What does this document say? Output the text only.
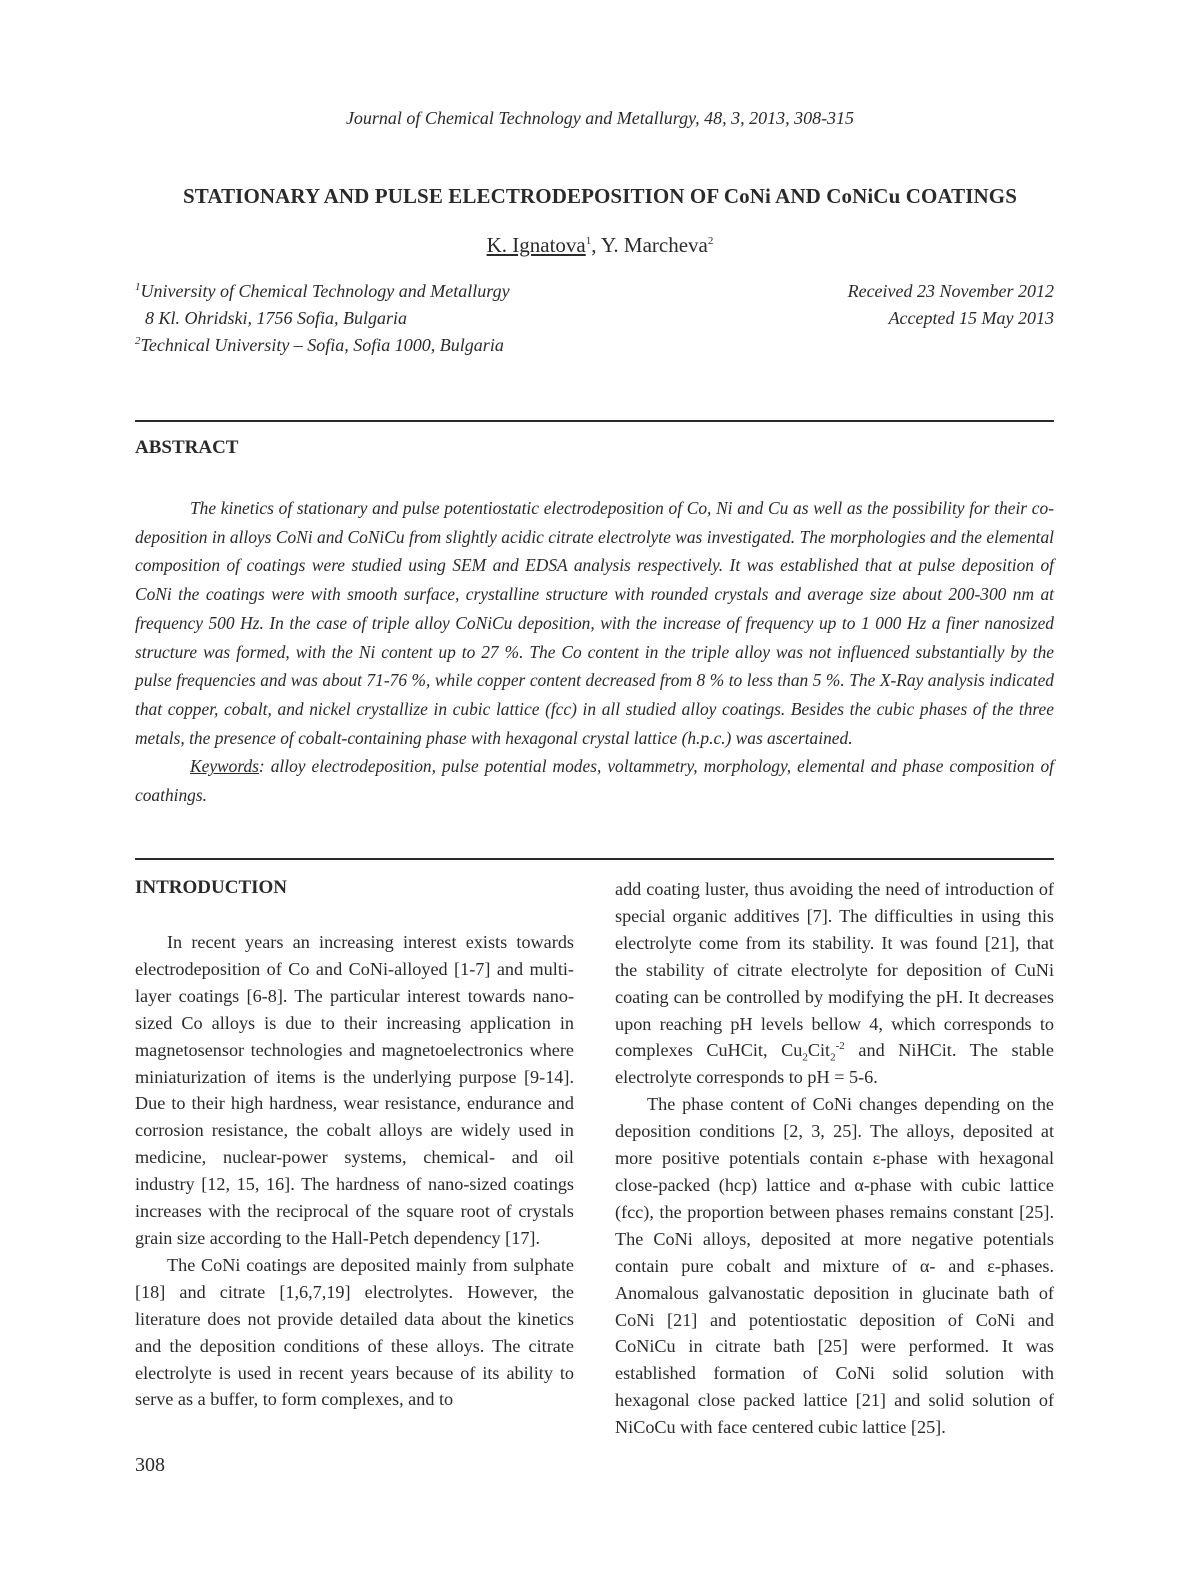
Journal of Chemical Technology and Metallurgy, 48, 3, 2013, 308-315
STATIONARY AND PULSE ELECTRODEPOSITION OF CoNi AND CoNiCu COATINGS
K. Ignatova$^1$, Y. Marcheva$^2$
$^1$University of Chemical Technology and Metallurgy
8 Kl. Ohridski, 1756 Sofia, Bulgaria
$^2$Technical University – Sofia, Sofia 1000, Bulgaria
Received 23 November 2012
Accepted 15 May 2013
ABSTRACT

The kinetics of stationary and pulse potentiostatic electrodeposition of Co, Ni and Cu as well as the possibility for their co-deposition in alloys CoNi and CoNiCu from slightly acidic citrate electrolyte was investigated. The morphologies and the elemental composition of coatings were studied using SEM and EDSA analysis respectively. It was established that at pulse deposition of CoNi the coatings were with smooth surface, crystalline structure with rounded crystals and average size about 200-300 nm at frequency 500 Hz. In the case of triple alloy CoNiCu deposition, with the increase of frequency up to 1 000 Hz a finer nanosized structure was formed, with the Ni content up to 27 %. The Co content in the triple alloy was not influenced substantially by the pulse frequencies and was about 71-76 %, while copper content decreased from 8 % to less than 5 %. The X-Ray analysis indicated that copper, cobalt, and nickel crystallize in cubic lattice (fcc) in all studied alloy coatings. Besides the cubic phases of the three metals, the presence of cobalt-containing phase with hexagonal crystal lattice (h.p.c.) was ascertained.

Keywords: alloy electrodeposition, pulse potential modes, voltammetry, morphology, elemental and phase composition of coathings.

INTRODUCTION

In recent years an increasing interest exists towards electrodeposition of Co and CoNi-alloyed [1-7] and multi-layer coatings [6-8]. The particular interest towards nano-sized Co alloys is due to their increasing application in magnetosensor technologies and magnetoelectronics where miniaturization of items is the underlying purpose [9-14]. Due to their high hardness, wear resistance, endurance and corrosion resistance, the cobalt alloys are widely used in medicine, nuclear-power systems, chemical- and oil industry [12, 15, 16]. The hardness of nano-sized coatings increases with the reciprocal of the square root of crystals grain size according to the Hall-Petch dependency [17].

The CoNi coatings are deposited mainly from sulphate [18] and citrate [1,6,7,19] electrolytes. However, the literature does not provide detailed data about the kinetics and the deposition conditions of these alloys. The citrate electrolyte is used in recent years because of its ability to serve as a buffer, to form complexes, and to

add coating luster, thus avoiding the need of introduction of special organic additives [7]. The difficulties in using this electrolyte come from its stability. It was found [21], that the stability of citrate electrolyte for deposition of CuNi coating can be controlled by modifying the pH. It decreases upon reaching pH levels bellow 4, which corresponds to complexes CuHCit, $Cu_2Cit_2^{-2}$ and NiHCit. The stable electrolyte corresponds to pH = 5-6.

The phase content of CoNi changes depending on the deposition conditions [2, 3, 25]. The alloys, deposited at more positive potentials contain ε-phase with hexagonal close-packed (hcp) lattice and α-phase with cubic lattice (fcc), the proportion between phases remains constant [25]. The CoNi alloys, deposited at more negative potentials contain pure cobalt and mixture of α- and ε-phases. Anomalous galvanostatic deposition in glucinate bath of CoNi [21] and potentiostatic deposition of CoNi and CoNiCu in citrate bath [25] were performed. It was established formation of CoNi solid solution with hexagonal close packed lattice [21] and solid solution of NiCoCu with face centered cubic lattice [25].

308
